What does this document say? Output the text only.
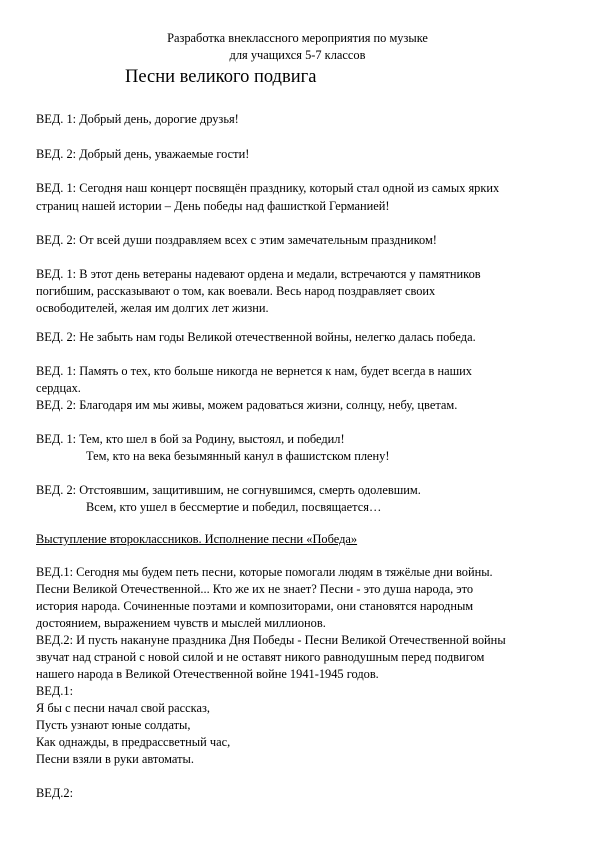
Разработка внеклассного мероприятия по музыке
для учащихся 5-7 классов
Песни великого подвига
ВЕД. 1: Добрый день, дорогие друзья!
ВЕД. 2: Добрый день, уважаемые гости!
ВЕД. 1: Сегодня наш концерт посвящён празднику, который стал одной из самых ярких
страниц нашей истории – День победы над фашисткой Германией!
ВЕД. 2: От всей души поздравляем всех с этим замечательным праздником!
ВЕД. 1: В этот день ветераны надевают ордена и медали, встречаются у памятников
погибшим, рассказывают о том, как воевали. Весь народ поздравляет своих
освободителей, желая им долгих лет жизни.
ВЕД. 2: Не забыть нам годы Великой отечественной войны, нелегко далась победа.
ВЕД. 1: Память о тех, кто больше никогда не вернется к нам, будет всегда в наших
сердцах.
ВЕД. 2: Благодаря им мы живы, можем радоваться жизни, солнцу, небу, цветам.
ВЕД. 1: Тем, кто шел в бой за Родину, выстоял, и победил!
Тем, кто на века безымянный канул в фашистском плену!
ВЕД. 2: Отстоявшим, защитившим, не согнувшимся, смерть одолевшим.
Всем, кто ушел в бессмертие и победил, посвящается…
Выступление второклассников. Исполнение песни «Победа»
ВЕД.1: Сегодня мы будем петь песни, которые помогали людям в тяжёлые дни войны.
Песни Великой Отечественной... Кто же их не знает? Песни - это душа народа, это
история народа. Сочиненные поэтами и композиторами, они становятся народным
достоянием, выражением чувств и мыслей миллионов.
ВЕД.2: И пусть накануне праздника Дня Победы - Песни Великой Отечественной войны
звучат над страной с новой силой и не оставят никого равнодушным перед подвигом
нашего народа в Великой Отечественной войне 1941-1945 годов.
ВЕД.1:
Я бы с песни начал свой рассказ,
Пусть узнают юные солдаты,
Как однажды, в предрассветный час,
Песни взяли в руки автоматы.
ВЕД.2:
